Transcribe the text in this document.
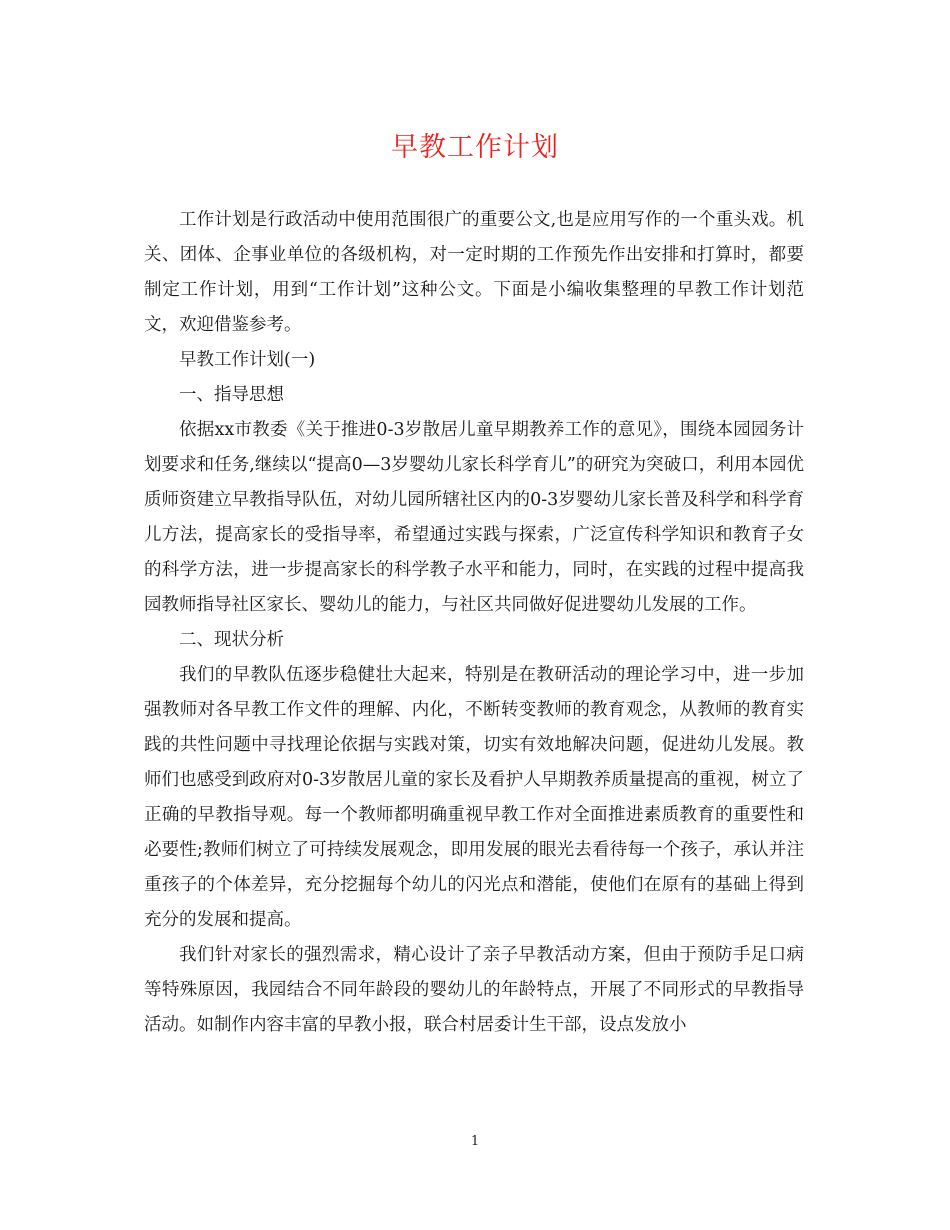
早教工作计划

工作计划是行政活动中使用范围很广的重要公文,也是应用写作的一个重头戏。机关、团体、企事业单位的各级机构，对一定时期的工作预先作出安排和打算时，都要制定工作计划，用到“工作计划”这种公文。下面是小编收集整理的早教工作计划范文，欢迎借鉴参考。

早教工作计划(一)

一、指导思想

依据xx市教委《关于推进0-3岁散居儿童早期教养工作的意见》，围绕本园园务计划要求和任务,继续以“提高0—3岁婴幼儿家长科学育儿”的研究为突破口，利用本园优质师资建立早教指导队伍，对幼儿园所辖社区内的0-3岁婴幼儿家长普及科学和科学育儿方法，提高家长的受指导率，希望通过实践与探索，广泛宣传科学知识和教育子女的科学方法，进一步提高家长的科学教子水平和能力，同时，在实践的过程中提高我园教师指导社区家长、婴幼儿的能力，与社区共同做好促进婴幼儿发展的工作。

二、现状分析

我们的早教队伍逐步稳健壮大起来，特别是在教研活动的理论学习中，进一步加强教师对各早教工作文件的理解、内化，不断转变教师的教育观念，从教师的教育实践的共性问题中寻找理论依据与实践对策，切实有效地解决问题，促进幼儿发展。教师们也感受到政府对0-3岁散居儿童的家长及看护人早期教养质量提高的重视，树立了正确的早教指导观。每一个教师都明确重视早教工作对全面推进素质教育的重要性和必要性;教师们树立了可持续发展观念，即用发展的眼光去看待每一个孩子，承认并注重孩子的个体差异，充分挖掘每个幼儿的闪光点和潜能，使他们在原有的基础上得到充分的发展和提高。

我们针对家长的强烈需求，精心设计了亲子早教活动方案，但由于预防手足口病等特殊原因，我园结合不同年龄段的婴幼儿的年龄特点，开展了不同形式的早教指导活动。如制作内容丰富的早教小报，联合村居委计生干部，设点发放小

1
